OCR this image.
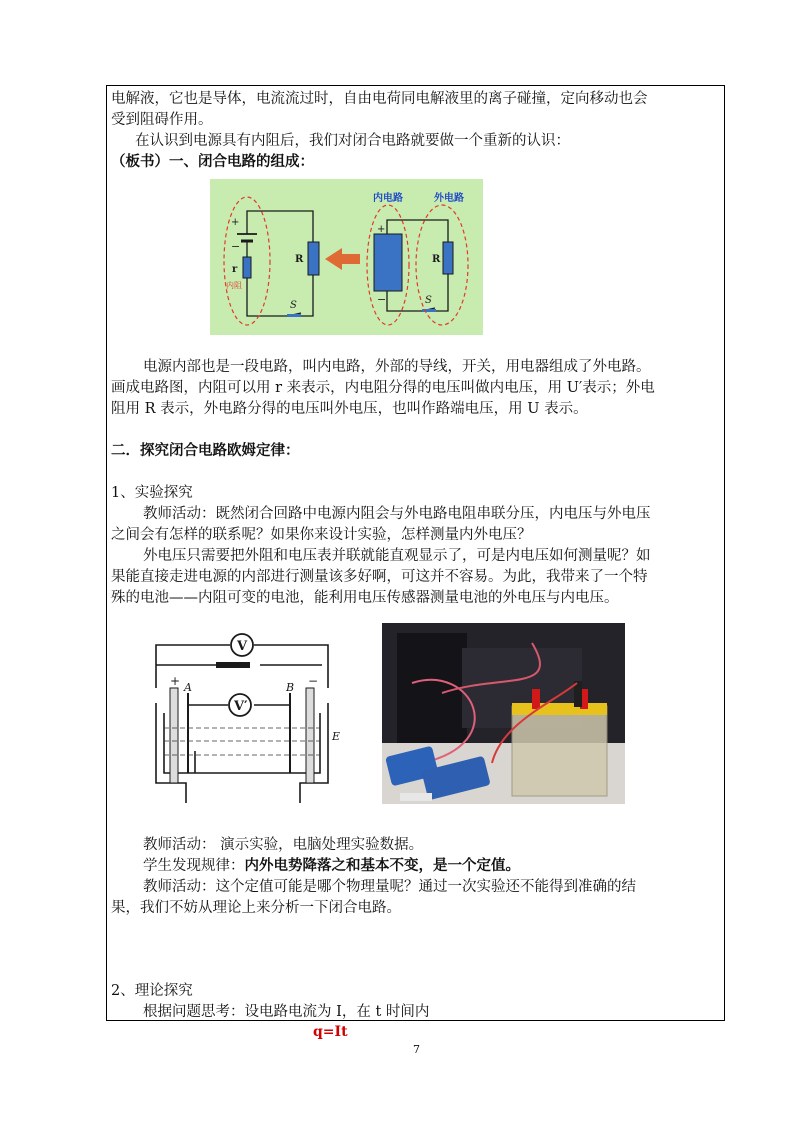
电解液，它也是导体，电流流过时，自由电荷同电解液里的离子碰撞，定向移动也会
受到阻碍作用。
在认识到电源具有内阻后，我们对闭合电路就要做一个重新的认识：
（板书）一、闭合电路的组成：
+
−
r
R
S
内阻
内电路	外电路
+
−
R
S
电源内部也是一段电路，叫内电路，外部的导线，开关，用电器组成了外电路。
画成电路图，内阻可以用 r 来表示，内电阻分得的电压叫做内电压，用 U′表示；外电
阻用 R 表示，外电路分得的电压叫外电压，也叫作路端电压，用 U 表示。
二．探究闭合电路欧姆定律：
1、实验探究
教师活动：既然闭合回路中电源内阻会与外电路电阻串联分压，内电压与外电压
之间会有怎样的联系呢？如果你来设计实验，怎样测量内外电压？
外电压只需要把外阻和电压表并联就能直观显示了，可是内电压如何测量呢？如
果能直接走进电源的内部进行测量该多好啊，可这并不容易。为此，我带来了一个特
殊的电池——内阻可变的电池，能利用电压传感器测量电池的外电压与内电压。
V
V′
+	−
A	B
E
教师活动： 演示实验，电脑处理实验数据。
学生发现规律：内外电势降落之和基本不变，是一个定值。
教师活动：这个定值可能是哪个物理量呢？通过一次实验还不能得到准确的结
果，我们不妨从理论上来分析一下闭合电路。
2、理论探究
根据问题思考：设电路电流为 I，在 t 时间内
q=It
7
